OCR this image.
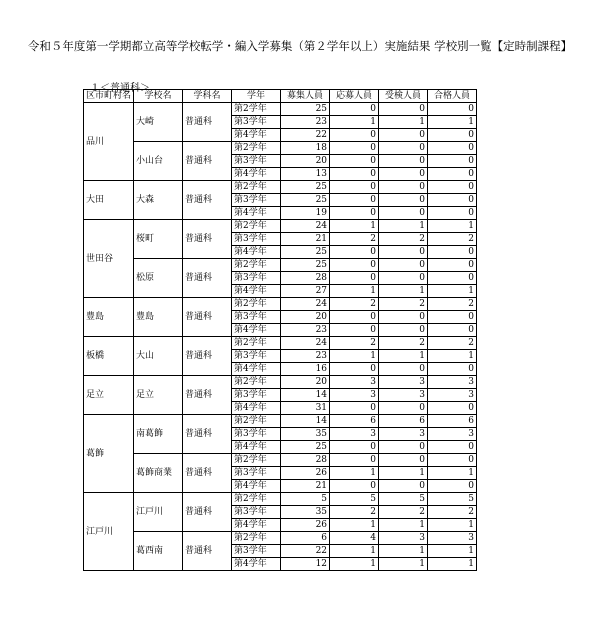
令和５年度第一学期都立高等学校転学・編入学募集（第２学年以上）実施結果 学校別一覧【定時制課程】
１＜普通科＞
区市町村名	学校名	学科名	学年	募集人員	応募人員	受検人員	合格人員
品川	大崎	普通科	第2学年	25	0	0	0
			第3学年	23	1	1	1
			第4学年	22	0	0	0
	小山台	普通科	第2学年	18	0	0	0
			第3学年	20	0	0	0
			第4学年	13	0	0	0
大田	大森	普通科	第2学年	25	0	0	0
			第3学年	25	0	0	0
			第4学年	19	0	0	0
世田谷	桜町	普通科	第2学年	24	1	1	1
			第3学年	21	2	2	2
			第4学年	25	0	0	0
	松原	普通科	第2学年	25	0	0	0
			第3学年	28	0	0	0
			第4学年	27	1	1	1
豊島	豊島	普通科	第2学年	24	2	2	2
			第3学年	20	0	0	0
			第4学年	23	0	0	0
板橋	大山	普通科	第2学年	24	2	2	2
			第3学年	23	1	1	1
			第4学年	16	0	0	0
足立	足立	普通科	第2学年	20	3	3	3
			第3学年	14	3	3	3
			第4学年	31	0	0	0
葛飾	南葛飾	普通科	第2学年	14	6	6	6
			第3学年	35	3	3	3
			第4学年	25	0	0	0
	葛飾商業	普通科	第2学年	28	0	0	0
			第3学年	26	1	1	1
			第4学年	21	0	0	0
江戸川	江戸川	普通科	第2学年	5	5	5	5
			第3学年	35	2	2	2
			第4学年	26	1	1	1
	葛西南	普通科	第2学年	6	4	3	3
			第3学年	22	1	1	1
			第4学年	12	1	1	1
